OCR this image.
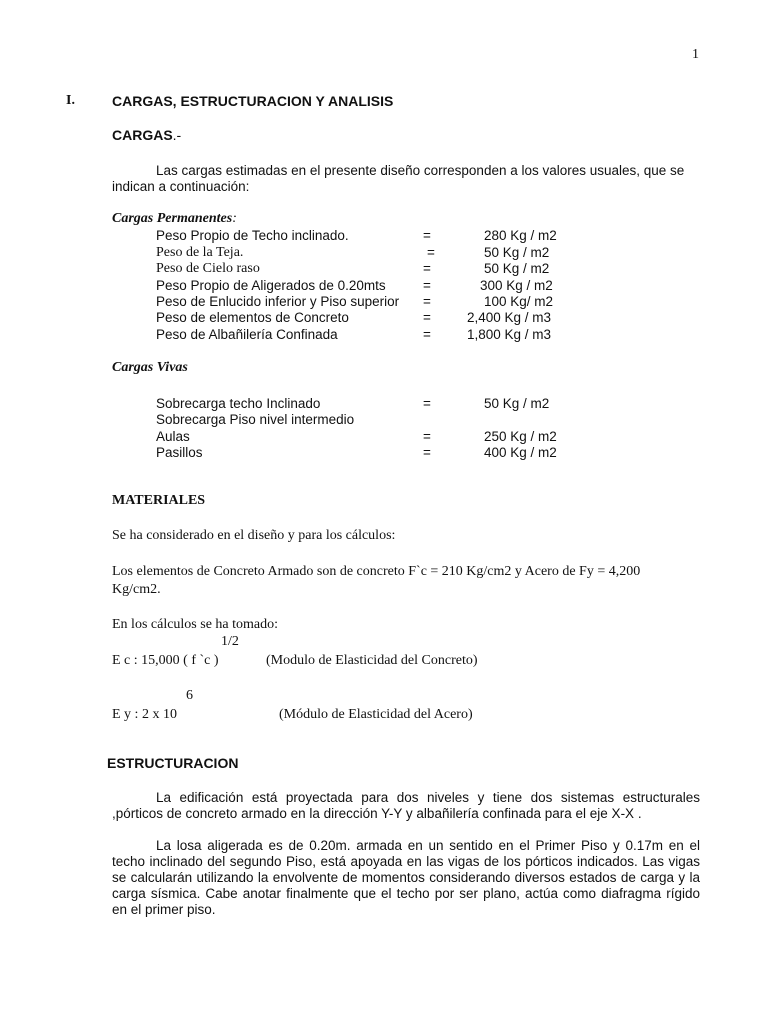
1
I.	CARGAS, ESTRUCTURACION Y ANALISIS
CARGAS.-
Las cargas estimadas en el presente diseño corresponden a los valores usuales, que se
indican a continuación:
Cargas Permanentes:
Peso Propio de Techo inclinado.	=	280 Kg / m2
Peso de la Teja.	=	50 Kg / m2
Peso de Cielo raso	=	50 Kg / m2
Peso Propio de Aligerados de 0.20mts	=	300 Kg / m2
Peso de Enlucido inferior y Piso superior =	100 Kg/ m2
Peso de elementos de Concreto	=	2,400 Kg / m3
Peso de Albañilería Confinada	=	1,800 Kg / m3
Cargas Vivas
Sobrecarga techo Inclinado	=	50 Kg / m2
Sobrecarga Piso nivel intermedio
Aulas	=	250 Kg / m2
Pasillos	=	400 Kg / m2
MATERIALES
Se ha considerado en el diseño y para los cálculos:
Los elementos de Concreto Armado son de concreto F`c = 210 Kg/cm2 y Acero de Fy = 4,200
Kg/cm2.
En los cálculos se ha tomado:
1/2
E c : 15,000 ( f `c )	(Modulo de Elasticidad del Concreto)
6
E y : 2 x 10	(Módulo de Elasticidad del Acero)
ESTRUCTURACION
La edificación está proyectada para dos niveles y tiene dos sistemas estructurales ,pórticos de concreto armado en la dirección Y-Y y albañilería confinada para el eje X-X .
La losa aligerada es de 0.20m. armada en un sentido en el Primer Piso y 0.17m en el techo inclinado del segundo Piso, está apoyada en las vigas de los pórticos indicados. Las vigas se calcularán utilizando la envolvente de momentos considerando diversos estados de carga y la carga sísmica. Cabe anotar finalmente que el techo por ser plano, actúa como diafragma rígido en el primer piso.
